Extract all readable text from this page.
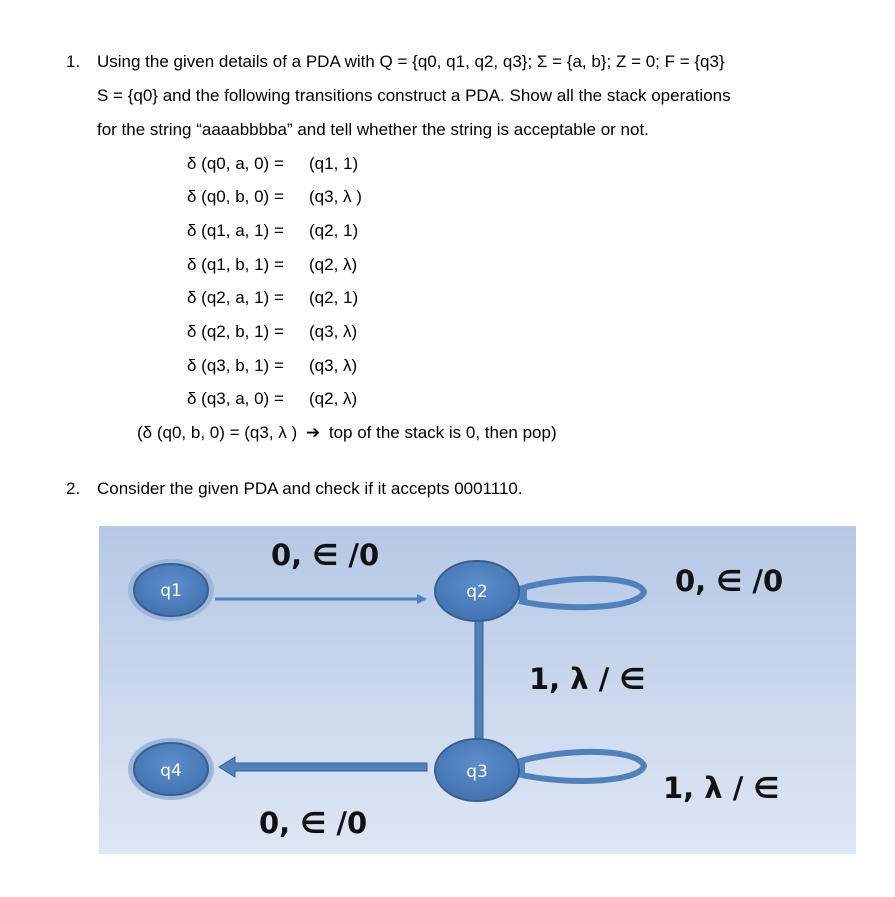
1. Using the given details of a PDA with Q = {q0, q1, q2, q3}; Σ = {a, b}; Z = 0; F = {q3}
S = {q0} and the following transitions construct a PDA. Show all the stack operations
for the string “aaaabbbba” and tell whether the string is acceptable or not.
δ (q0, a, 0) = (q1, 1)
δ (q0, b, 0) = (q3, λ )
δ (q1, a, 1) = (q2, 1)
δ (q1, b, 1) = (q2, λ)
δ (q2, a, 1) = (q2, 1)
δ (q2, b, 1) = (q3, λ)
δ (q3, b, 1) = (q3, λ)
δ (q3, a, 0) = (q2, λ)
(δ (q0, b, 0) = (q3, λ ) ➔ top of the stack is 0, then pop)
2. Consider the given PDA and check if it accepts 0001110.
q1	q2
q3
q4
0, ∈ /0
0, ∈ /0
1, λ / ∈
1, λ / ∈
0, ∈ /0
